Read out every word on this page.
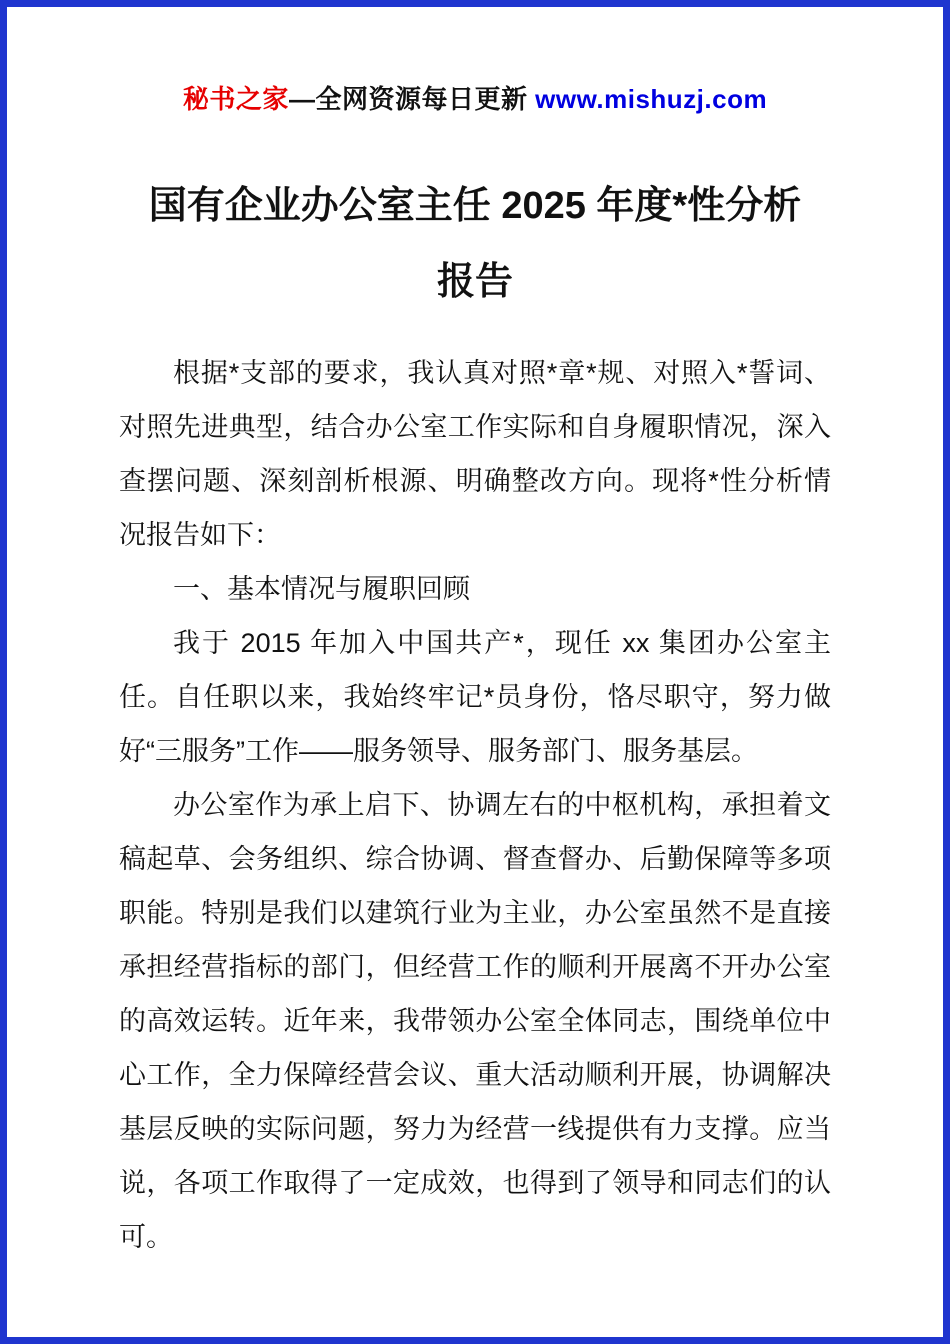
秘书之家—全网资源每日更新 www.mishuzj.com
国有企业办公室主任 2025 年度*性分析
报告

根据*支部的要求，我认真对照*章*规、对照入*誓词、对照先进典型，结合办公室工作实际和自身履职情况，深入查摆问题、深刻剖析根源、明确整改方向。现将*性分析情况报告如下：

一、基本情况与履职回顾

我于 2015 年加入中国共产*，现任 xx 集团办公室主任。自任职以来，我始终牢记*员身份，恪尽职守，努力做好“三服务”工作——服务领导、服务部门、服务基层。

办公室作为承上启下、协调左右的中枢机构，承担着文稿起草、会务组织、综合协调、督查督办、后勤保障等多项职能。特别是我们以建筑行业为主业，办公室虽然不是直接承担经营指标的部门，但经营工作的顺利开展离不开办公室的高效运转。近年来，我带领办公室全体同志，围绕单位中心工作，全力保障经营会议、重大活动顺利开展，协调解决基层反映的实际问题，努力为经营一线提供有力支撑。应当说，各项工作取得了一定成效，也得到了领导和同志们的认可。
